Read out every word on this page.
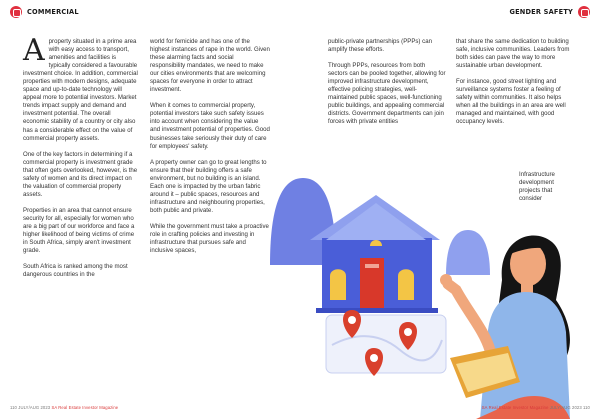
COMMERCIAL	GENDER SAFETY

Aproperty situated in a prime area with easy access to transport, amenities and facilities is typically considered a favourable investment choice. In addition, commercial properties with modern designs, adequate space and up-to-date technology will appeal more to potential investors. Market trends impact supply and demand and investment potential. The overall economic stability of a country or city also has a considerable effect on the value of commercial property assets.

One of the key factors in determining if a commercial property is investment grade that often gets overlooked, however, is the safety of women and its direct impact on the valuation of commercial property assets.

Properties in an area that cannot ensure security for all, especially for women who are a big part of our workforce and face a higher likelihood of being victims of crime in South Africa, simply aren't investment grade.

South Africa is ranked among the most dangerous countries in the

world for femicide and has one of the highest instances of rape in the world. Given these alarming facts and social responsibility mandates, we need to make our cities environments that are welcoming spaces for everyone in order to attract investment.

When it comes to commercial property, potential investors take such safety issues into account when considering the value and investment potential of properties. Good businesses take seriously their duty of care for employees' safety.

A property owner can go to great lengths to ensure that their building offers a safe environment, but no building is an island. Each one is impacted by the urban fabric around it – public spaces, resources and infrastructure and neighbouring properties, both public and private.

While the government must take a proactive role in crafting policies and investing in infrastructure that pursues safe and inclusive spaces,

public-private partnerships (PPPs) can amplify these efforts.

Through PPPs, resources from both sectors can be pooled together, allowing for improved infrastructure development, effective policing strategies, well-maintained public spaces, well-functioning public buildings, and appealing commercial districts. Government departments can join forces with private entities

that share the same dedication to building safe, inclusive communities. Leaders from both sides can pave the way to more sustainable urban development.

For instance, good street lighting and surveillance systems foster a feeling of safety within communities. It also helps when all the buildings in an area are well managed and maintained, with good occupancy levels.

Infrastructure
development
projects that
consider
110 JULY/AUG 2023 SA Real Estate Investor Magazine	SA Real Estate Investor Magazine JULY/AUG 2023 110
